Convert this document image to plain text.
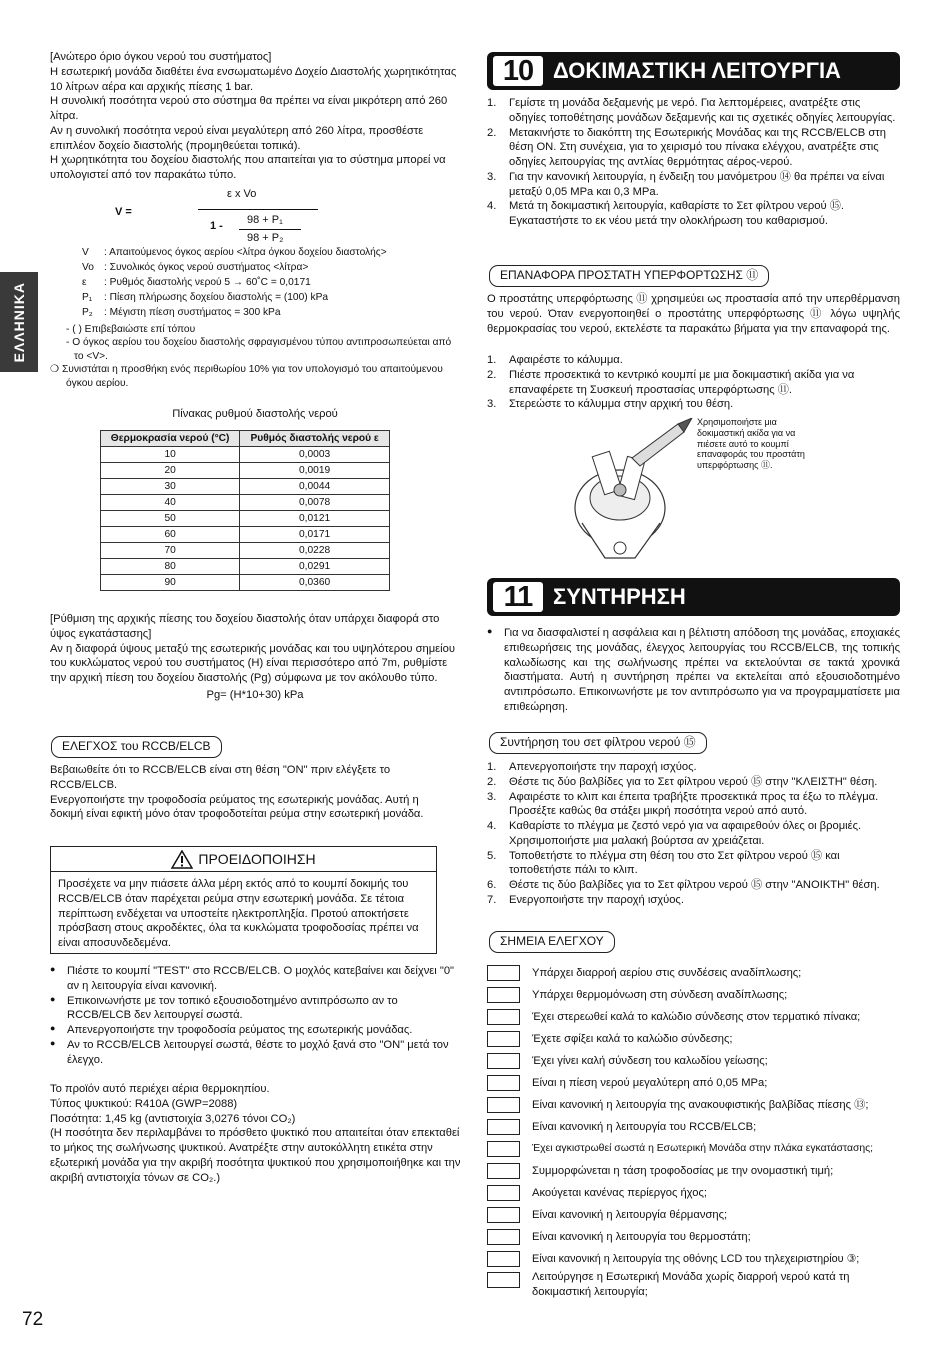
ΕΛΛΗΝΙΚΑ
72

[Ανώτερο όριο όγκου νερού του συστήματος]

Η εσωτερική μονάδα διαθέτει ένα ενσωματωμένο Δοχείο Διαστολής χωρητικότητας 10 λίτρων αέρα και αρχικής πίεσης 1 bar.

Η συνολική ποσότητα νερού στο σύστημα θα πρέπει να είναι μικρότερη από 260 λίτρα.

Αν η συνολική ποσότητα νερού είναι μεγαλύτερη από 260 λίτρα, προσθέστε επιπλέον δοχείο διαστολής (προμηθεύεται τοπικά).

Η χωρητικότητα του δοχείου διαστολής που απαιτείται για το σύστημα μπορεί να υπολογιστεί από τον παρακάτω τύπο.

V =
ε x Vo
1 - 98 + P₁
98 + P₂
V	: Απαιτούμενος όγκος αερίου <λίτρα όγκου δοχείου διαστολής>
Vo : Συνολικός όγκος νερού συστήματος <λίτρα>
ε	: Ρυθμός διαστολής νερού 5 → 60˚C = 0,0171
P₁	: Πίεση πλήρωσης δοχείου διαστολής = (100) kPa
P₂	: Μέγιστη πίεση συστήματος = 300 kPa

- ( ) Επιβεβαιώστε επί τόπου

- Ο όγκος αερίου του δοχείου διαστολής σφραγισμένου τύπου αντιπροσωπεύεται από το <V>.

❍ Συνιστάται η προσθήκη ενός περιθωρίου 10% για τον υπολογισμό του απαιτούμενου όγκου αερίου.

Πίνακας ρυθμού διαστολής νερού
Θερμοκρασία νερού (°C)	Ρυθμός διαστολής νερού ε
10	0,0003
20	0,0019
30	0,0044
40	0,0078
50	0,0121
60	0,0171
70	0,0228
80	0,0291
90	0,0360

[Ρύθμιση της αρχικής πίεσης του δοχείου διαστολής όταν υπάρχει διαφορά στο ύψος εγκατάστασης]

Αν η διαφορά ύψους μεταξύ της εσωτερικής μονάδας και του υψηλότερου σημείου του κυκλώματος νερού του συστήματος (H) είναι περισσότερο από 7m, ρυθμίστε την αρχική πίεση του δοχείου διαστολής (Pg) σύμφωνα με τον ακόλουθο τύπο.

Pg= (H*10+30) kPa

ΕΛΕΓΧΟΣ του RCCB/ELCB

Βεβαιωθείτε ότι το RCCB/ELCB είναι στη θέση "ON" πριν ελέγξετε το RCCB/ELCB.

Ενεργοποιήστε την τροφοδοσία ρεύματος της εσωτερικής μονάδας. Αυτή η δοκιμή είναι εφικτή μόνο όταν τροφοδοτείται ρεύμα στην εσωτερική μονάδα.

ΠΡΟΕΙΔΟΠΟΙΗΣΗ
Προσέχετε να μην πιάσετε άλλα μέρη εκτός από το κουμπί δοκιμής του RCCB/ELCB όταν παρέχεται ρεύμα στην εσωτερική μονάδα. Σε τέτοια περίπτωση ενδέχεται να υποστείτε ηλεκτροπληξία. Προτού αποκτήσετε πρόσβαση στους ακροδέκτες, όλα τα κυκλώματα τροφοδοσίας πρέπει να είναι αποσυνδεδεμένα.
● Πιέστε το κουμπί "TEST" στο RCCB/ELCB. Ο μοχλός κατεβαίνει και δείχνει "0" αν η λειτουργία είναι κανονική.
● Επικοινωνήστε με τον τοπικό εξουσιοδοτημένο αντιπρόσωπο αν το RCCB/ELCB δεν λειτουργεί σωστά.
● Απενεργοποιήστε την τροφοδοσία ρεύματος της εσωτερικής μονάδας.
● Αν το RCCB/ELCB λειτουργεί σωστά, θέστε το μοχλό ξανά στο "ON" μετά τον έλεγχο.

Το προϊόν αυτό περιέχει αέρια θερμοκηπίου.

Τύπος ψυκτικού: R410A (GWP=2088)

Ποσότητα: 1,45 kg (αντιστοιχία 3,0276 τόνοι CO₂)

(Η ποσότητα δεν περιλαμβάνει το πρόσθετο ψυκτικό που απαιτείται όταν επεκταθεί το μήκος της σωλήνωσης ψυκτικού. Ανατρέξτε στην αυτοκόλλητη ετικέτα στην εξωτερική μονάδα για την ακριβή ποσότητα ψυκτικού που χρησιμοποιήθηκε και την ακριβή αντιστοιχία τόνων σε CO₂.)

10 ΔΟΚΙΜΑΣΤΙΚΗ ΛΕΙΤΟΥΡΓΙΑ
1. Γεμίστε τη μονάδα δεξαμενής με νερό. Για λεπτομέρειες, ανατρέξτε στις οδηγίες τοποθέτησης μονάδων δεξαμενής και τις σχετικές οδηγίες λειτουργίας.
2. Μετακινήστε το διακόπτη της Εσωτερικής Μονάδας και της RCCB/ELCB στη θέση ON. Στη συνέχεια, για το χειρισμό του πίνακα ελέγχου, ανατρέξτε στις οδηγίες λειτουργίας της αντλίας θερμότητας αέρος-νερού.
3. Για την κανονική λειτουργία, η ένδειξη του μανόμετρου ⑭ θα πρέπει να είναι μεταξύ 0,05 MPa και 0,3 MPa.
4. Μετά τη δοκιμαστική λειτουργία, καθαρίστε το Σετ φίλτρου νερού ⑮. Εγκαταστήστε το εκ νέου μετά την ολοκλήρωση του καθαρισμού.
ΕΠΑΝΑΦΟΡΑ ΠΡΟΣΤΑΤΗ ΥΠΕΡΦΟΡΤΩΣΗΣ ⑪
Ο προστάτης υπερφόρτωσης ⑪ χρησιμεύει ως προστασία από την υπερθέρμανση του νερού. Όταν ενεργοποιηθεί ο προστάτης υπερφόρτωσης ⑪ λόγω υψηλής θερμοκρασίας του νερού, εκτελέστε τα παρακάτω βήματα για την επαναφορά της.
1. Αφαιρέστε το κάλυμμα.
2. Πιέστε προσεκτικά το κεντρικό κουμπί με μια δοκιμαστική ακίδα για να επαναφέρετε τη Συσκευή προστασίας υπερφόρτωσης ⑪.
3. Στερεώστε το κάλυμμα στην αρχική του θέση.
Χρησιμοποιήστε μια δοκιμαστική ακίδα για να πιέσετε αυτό το κουμπί επαναφοράς του προστάτη υπερφόρτωσης ⑪.
11 ΣΥΝΤΗΡΗΣΗ
● Για να διασφαλιστεί η ασφάλεια και η βέλτιστη απόδοση της μονάδας, εποχιακές επιθεωρήσεις της μονάδας, έλεγχος λειτουργίας του RCCB/ELCB, της τοπικής καλωδίωσης και της σωλήνωσης πρέπει να εκτελούνται σε τακτά χρονικά διαστήματα. Αυτή η συντήρηση πρέπει να εκτελείται από εξουσιοδοτημένο αντιπρόσωπο. Επικοινωνήστε με τον αντιπρόσωπο για να προγραμματίσετε μια επιθεώρηση.
Συντήρηση του σετ φίλτρου νερού ⑮
1. Απενεργοποιήστε την παροχή ισχύος.
2. Θέστε τις δύο βαλβίδες για το Σετ φίλτρου νερού ⑮ στην "ΚΛΕΙΣΤΗ" θέση.
3. Αφαιρέστε το κλιπ και έπειτα τραβήξτε προσεκτικά προς τα έξω το πλέγμα. Προσέξτε καθώς θα στάξει μικρή ποσότητα νερού από αυτό.
4. Καθαρίστε το πλέγμα με ζεστό νερό για να αφαιρεθούν όλες οι βρομιές. Χρησιμοποιήστε μια μαλακή βούρτσα αν χρειάζεται.
5. Τοποθετήστε το πλέγμα στη θέση του στο Σετ φίλτρου νερού ⑮ και τοποθετήστε πάλι το κλιπ.
6. Θέστε τις δύο βαλβίδες για το Σετ φίλτρου νερού ⑮ στην "ΑΝΟΙΚΤΗ" θέση.
7. Ενεργοποιήστε την παροχή ισχύος.
ΣΗΜΕΙΑ ΕΛΕΓΧΟΥ
Υπάρχει διαρροή αερίου στις συνδέσεις αναδίπλωσης;
Υπάρχει θερμομόνωση στη σύνδεση αναδίπλωσης;
Έχει στερεωθεί καλά το καλώδιο σύνδεσης στον τερματικό πίνακα;
Έχετε σφίξει καλά το καλώδιο σύνδεσης;
Έχει γίνει καλή σύνδεση του καλωδίου γείωσης;
Είναι η πίεση νερού μεγαλύτερη από 0,05 MPa;
Είναι κανονική η λειτουργία της ανακουφιστικής βαλβίδας πίεσης ⑬;
Είναι κανονική η λειτουργία του RCCB/ELCB;
Έχει αγκιστρωθεί σωστά η Εσωτερική Μονάδα στην πλάκα εγκατάστασης;
Συμμορφώνεται η τάση τροφοδοσίας με την ονομαστική τιμή;
Ακούγεται κανένας περίεργος ήχος;
Είναι κανονική η λειτουργία θέρμανσης;
Είναι κανονική η λειτουργία του θερμοστάτη;
Είναι κανονική η λειτουργία της οθόνης LCD του τηλεχειριστηρίου ③;
Λειτούργησε η Εσωτερική Μονάδα χωρίς διαρροή νερού κατά τη δοκιμαστική λειτουργία;
